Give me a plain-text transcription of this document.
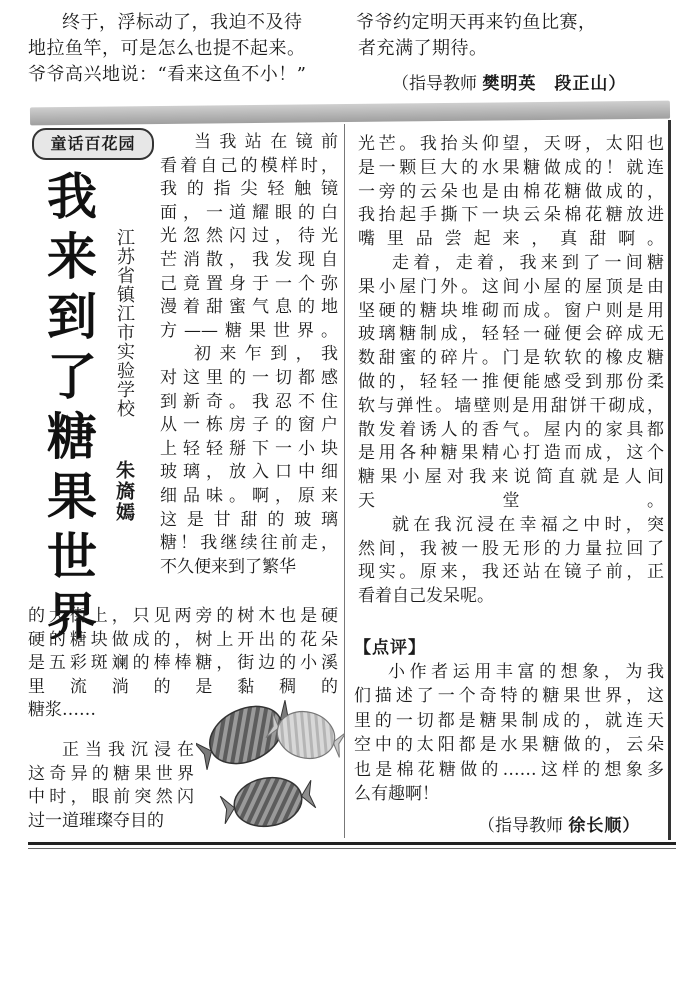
终于，浮标动了，我迫不及待
地拉鱼竿，可是怎么也提不起来。
爷爷高兴地说：“看来这鱼不小！”
爷爷约定明天再来钓鱼比赛，
者充满了期待。
（指导教师 樊明英　段正山）
童话百花园
我来到了糖果世界 江苏省镇江市实验学校
朱旖嫣
当我站在镜前
看着自己的模样时，
我的指尖轻触镜
面，一道耀眼的白
光忽然闪过，待光
芒消散，我发现自
己竟置身于一个弥
漫着甜蜜气息的地
方——糖果世界。
初来乍到，我
对这里的一切都感
到新奇。我忍不住
从一栋房子的窗户
上轻轻掰下一小块
玻璃，放入口中细
细品味。啊，原来
这是甘甜的玻璃
糖！我继续往前走，
不久便来到了繁华
的大街上，只见两旁的树木也是硬
硬的糖块做成的，树上开出的花朵
是五彩斑斓的棒棒糖，街边的小溪
里流淌的是黏稠的
糖浆……
正当我沉浸在
这奇异的糖果世界
中时，眼前突然闪
过一道璀璨夺目的
光芒。我抬头仰望，天呀，太阳也
是一颗巨大的水果糖做成的！就连
一旁的云朵也是由棉花糖做成的，
我抬起手撕下一块云朵棉花糖放进
嘴里品尝起来，真甜啊。
走着，走着，我来到了一间糖
果小屋门外。这间小屋的屋顶是由
坚硬的糖块堆砌而成。窗户则是用
玻璃糖制成，轻轻一碰便会碎成无
数甜蜜的碎片。门是软软的橡皮糖
做的，轻轻一推便能感受到那份柔
软与弹性。墙壁则是用甜饼干砌成，
散发着诱人的香气。屋内的家具都
是用各种糖果精心打造而成，这个
糖果小屋对我来说简直就是人间
天堂。
就在我沉浸在幸福之中时，突
然间，我被一股无形的力量拉回了
现实。原来，我还站在镜子前，正
看着自己发呆呢。
【点评】
小作者运用丰富的想象，为我
们描述了一个奇特的糖果世界，这
里的一切都是糖果制成的，就连天
空中的太阳都是水果糖做的，云朵
也是棉花糖做的……这样的想象多
么有趣啊！
（指导教师 徐长顺）
